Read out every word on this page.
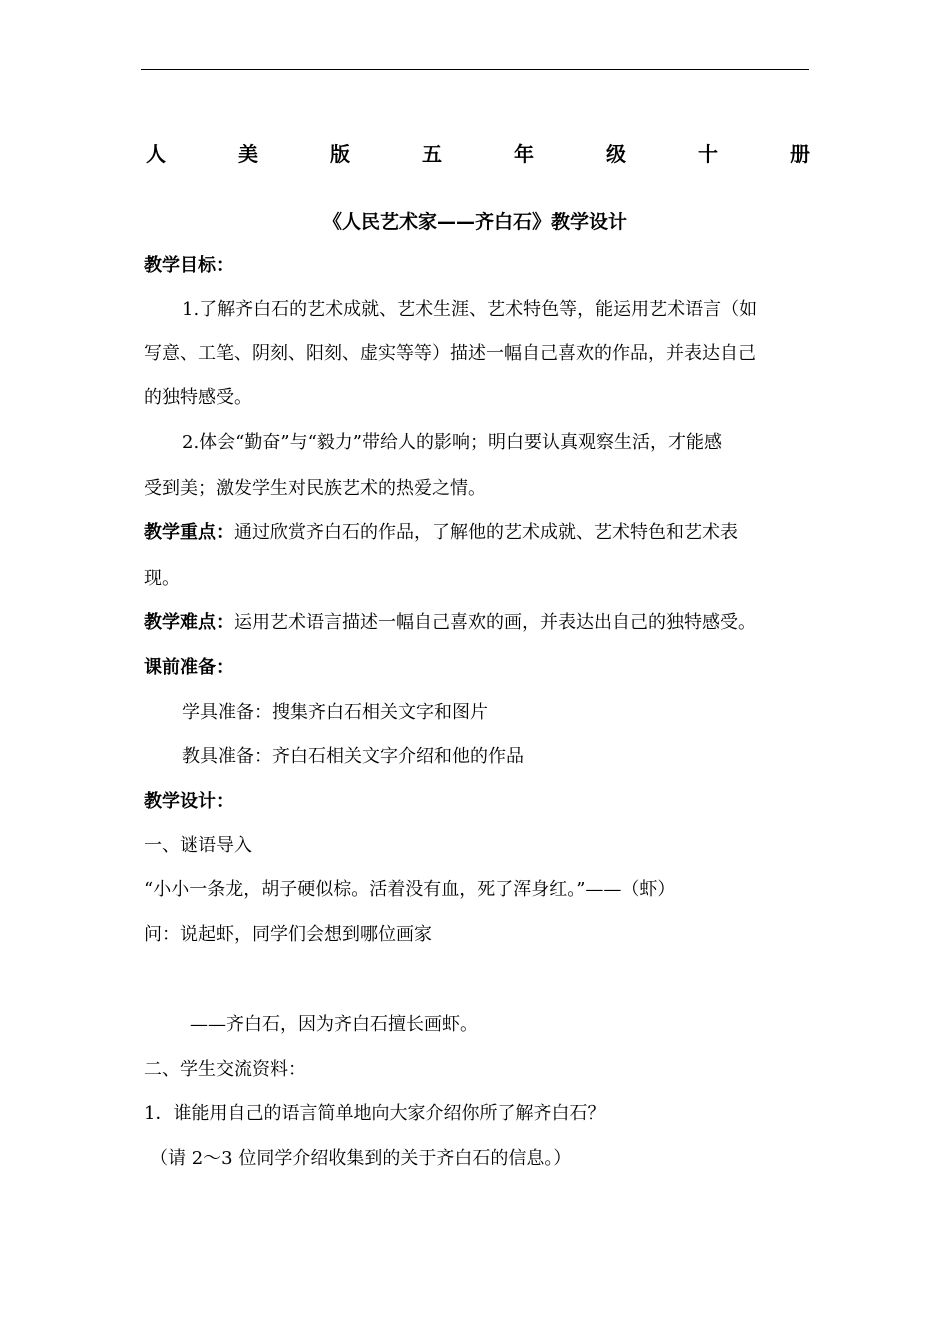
人	美	版	五	年	级	十	册
《人民艺术家——齐白石》教学设计
教学目标：
1.了解齐白石的艺术成就、艺术生涯、艺术特色等，能运用艺术语言（如
写意、工笔、阴刻、阳刻、虚实等等）描述一幅自己喜欢的作品，并表达自己
的独特感受。
2.体会“勤奋”与“毅力”带给人的影响；明白要认真观察生活，才能感
受到美；激发学生对民族艺术的热爱之情。
教学重点：通过欣赏齐白石的作品，了解他的艺术成就、艺术特色和艺术表
现。
教学难点：运用艺术语言描述一幅自己喜欢的画，并表达出自己的独特感受。
课前准备：
学具准备：搜集齐白石相关文字和图片
教具准备：齐白石相关文字介绍和他的作品
教学设计：
一、谜语导入
“小小一条龙，胡子硬似棕。活着没有血，死了浑身红。”——（虾）
问：说起虾，同学们会想到哪位画家
——齐白石，因为齐白石擅长画虾。
二、学生交流资料：
1．谁能用自己的语言简单地向大家介绍你所了解齐白石？
（请 2～3 位同学介绍收集到的关于齐白石的信息。）
